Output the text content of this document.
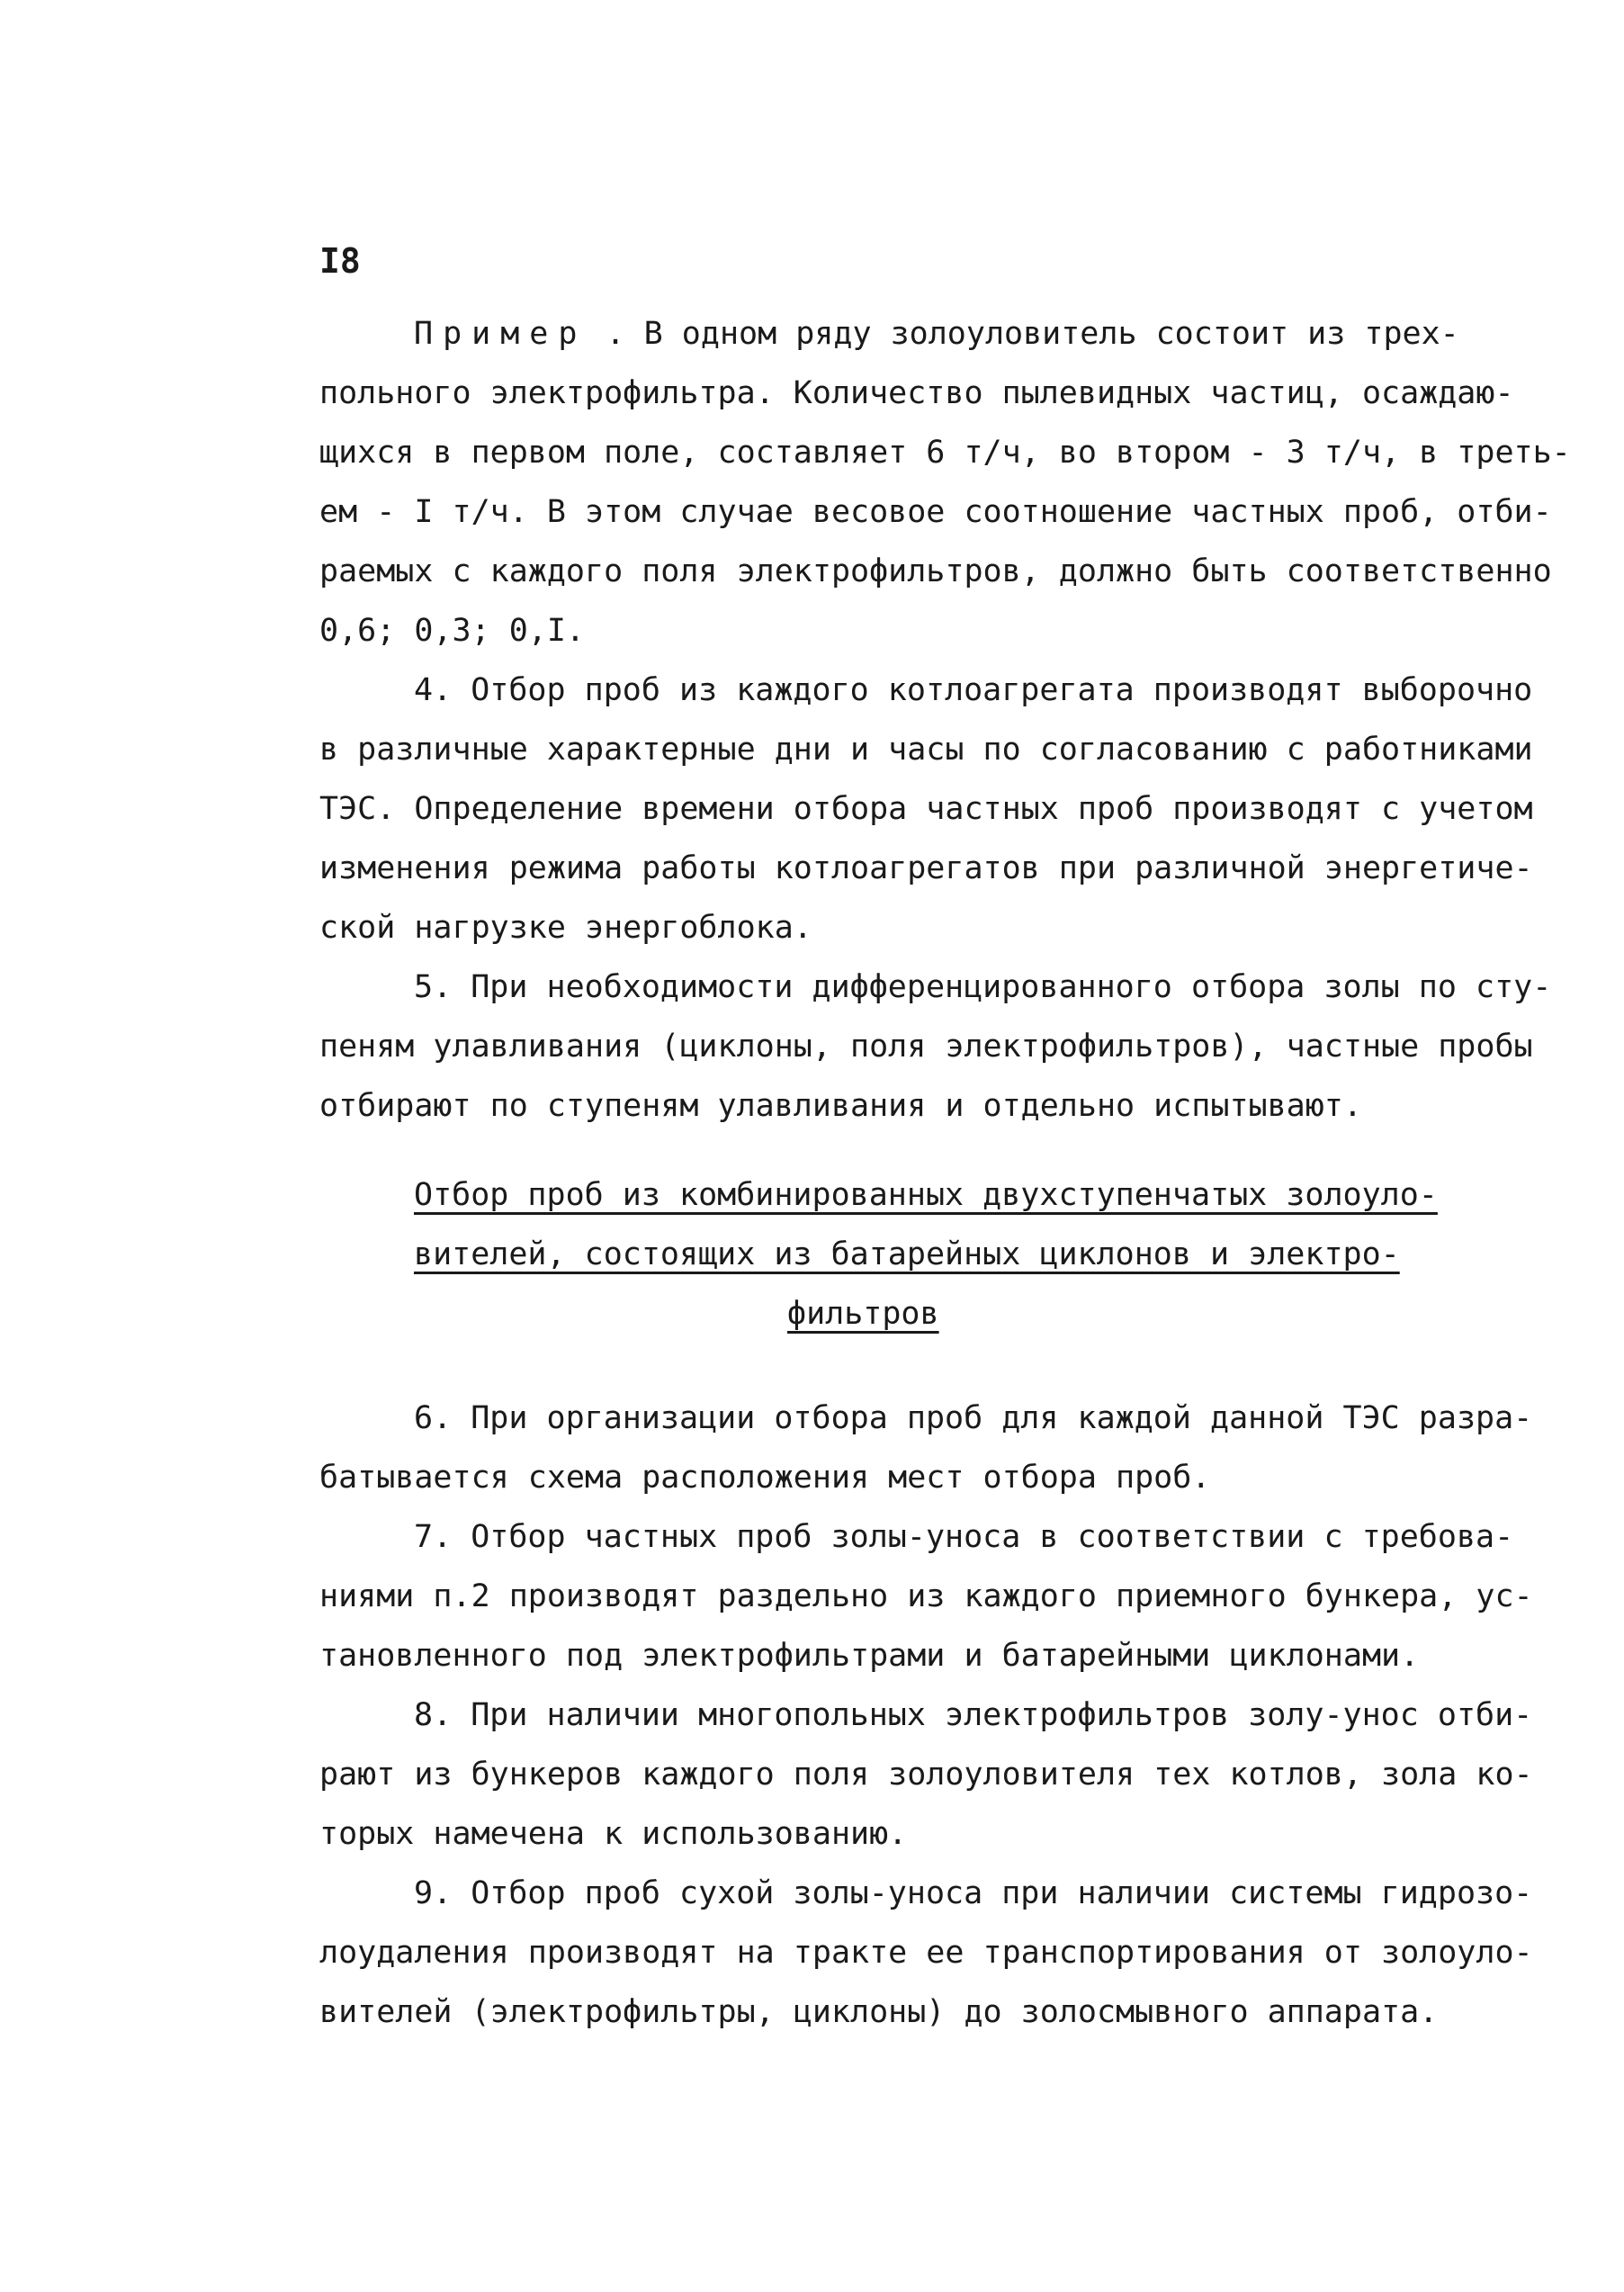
I8

Пример . В одном ряду золоуловитель состоит из трех-

польного электрофильтра. Количество пылевидных частиц, осаждаю-

щихся в первом поле, составляет 6 т/ч, во втором - 3 т/ч, в треть-

ем - I т/ч. В этом случае весовое соотношение частных проб, отби-

раемых с каждого поля электрофильтров, должно быть соответственно

0,6; 0,3; 0,I.

4. Отбор проб из каждого котлоагрегата производят выборочно

в различные характерные дни и часы по согласованию с работниками

ТЭС. Определение времени отбора частных проб производят с учетом

изменения режима работы котлоагрегатов при различной энергетиче-

ской нагрузке энергоблока.

5. При необходимости дифференцированного отбора золы по сту-

пеням улавливания (циклоны, поля электрофильтров), частные пробы

отбирают по ступеням улавливания и отдельно испытывают.

Отбор проб из комбинированных двухступенчатых золоуло-

вителей, состоящих из батарейных циклонов и электро-

фильтров

6. При организации отбора проб для каждой данной ТЭС разра-

батывается схема расположения мест отбора проб.

7. Отбор частных проб золы-уноса в соответствии с требова-

ниями п.2 производят раздельно из каждого приемного бункера, ус-

тановленного под электрофильтрами и батарейными циклонами.

8. При наличии многопольных электрофильтров золу-унос отби-

рают из бункеров каждого поля золоуловителя тех котлов, зола ко-

торых намечена к использованию.

9. Отбор проб сухой золы-уноса при наличии системы гидрозо-

лоудаления производят на тракте ее транспортирования от золоуло-

вителей (электрофильтры, циклоны) до золосмывного аппарата.
